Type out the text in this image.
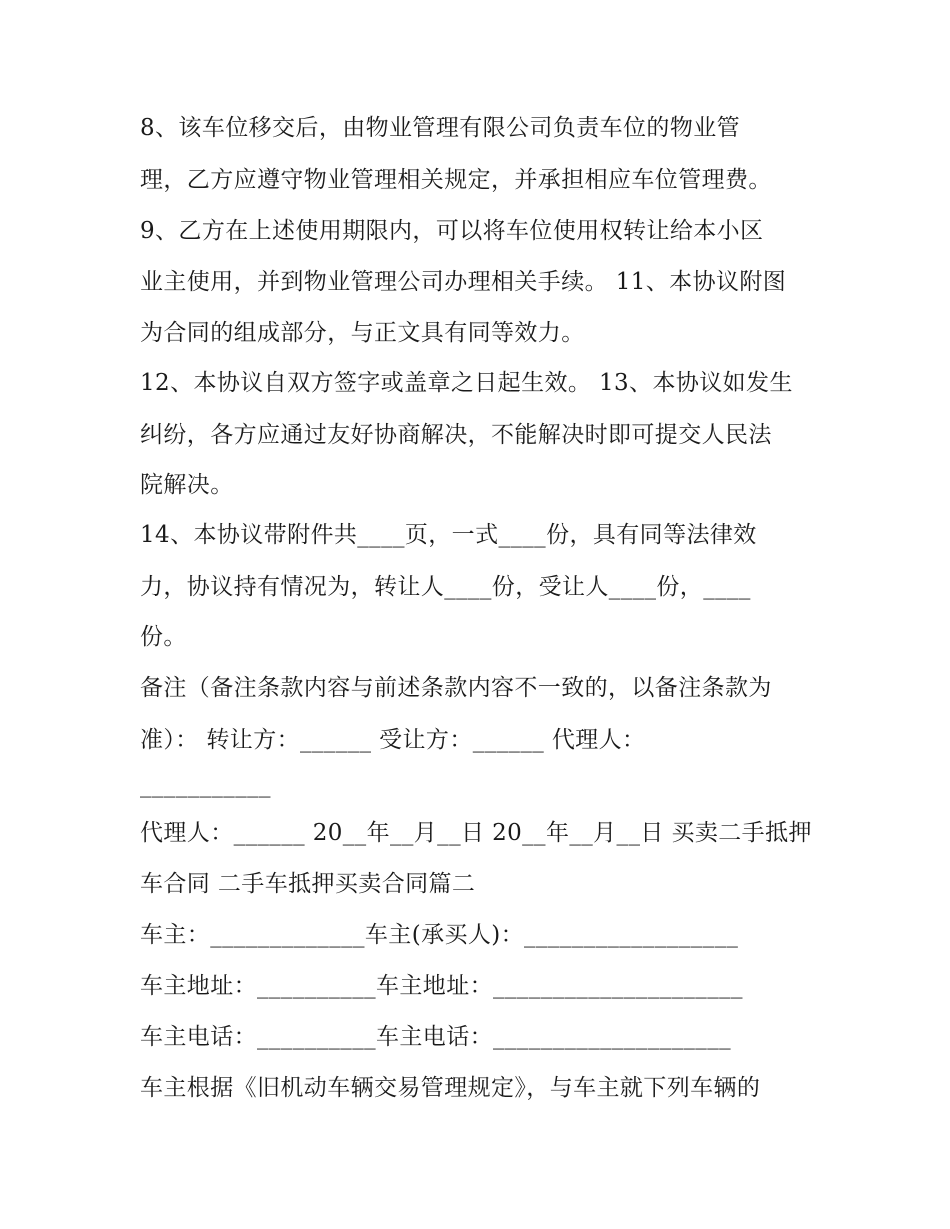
8、该车位移交后，由物业管理有限公司负责车位的物业管
理，乙方应遵守物业管理相关规定，并承担相应车位管理费。
9、乙方在上述使用期限内，可以将车位使用权转让给本小区
业主使用，并到物业管理公司办理相关手续。 11、本协议附图
为合同的组成部分，与正文具有同等效力。
12、本协议自双方签字或盖章之日起生效。 13、本协议如发生
纠纷，各方应通过友好协商解决，不能解决时即可提交人民法
院解决。
14、本协议带附件共____页，一式____份，具有同等法律效
力，协议持有情况为，转让人____份，受让人____份，____
份。
备注（备注条款内容与前述条款内容不一致的，以备注条款为
准）： 转让方：______ 受让方：______ 代理人：
___________
代理人：______ 20__年__月__日 20__年__月__日 买卖二手抵押
车合同 二手车抵押买卖合同篇二
车主：_____________车主(承买人)：__________________
车主地址：__________车主地址：_____________________
车主电话：__________车主电话：____________________
车主根据《旧机动车辆交易管理规定》，与车主就下列车辆的
